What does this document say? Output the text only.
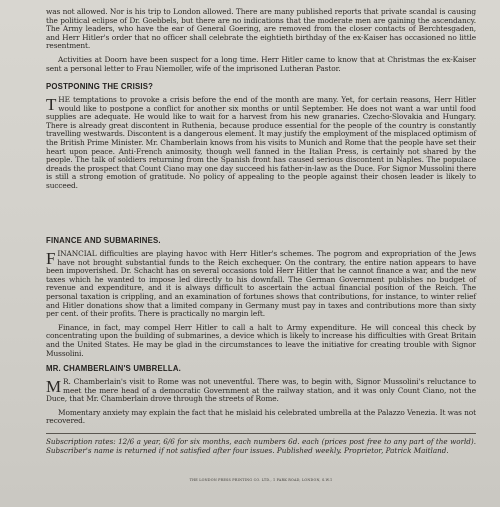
was not allowed. Nor is his trip to London allowed. There are many published reports that private scandal is causing the political eclipse of Dr. Goebbels, but there are no indications that the moderate men are gaining the ascendancy. The Army leaders, who have the ear of General Goering, are removed from the closer contacts of Berchtesgaden, and Herr Hitler's order that no officer shall celebrate the eightieth birthday of the ex-Kaiser has occasioned no little resentment.

Activities at Doorn have been suspect for a long time. Herr Hitler came to know that at Christmas the ex-Kaiser sent a personal letter to Frau Niemoller, wife of the imprisoned Lutheran Pastor.

POSTPONING THE CRISIS?

THE temptations to provoke a crisis before the end of the month are many. Yet, for certain reasons, Herr Hitler would like to postpone a conflict for another six months or until September. He does not want a war until food supplies are adequate. He would like to wait for a harvest from his new granaries. Czecho-Slovakia and Hungary. There is already great discontent in Ruthenia, because produce essential for the people of the country is constantly travelling westwards. Discontent is a dangerous element. It may justify the employment of the misplaced optimism of the British Prime Minister. Mr. Chamberlain knows from his visits to Munich and Rome that the people have set their heart upon peace. Anti-French animosity, though well fanned in the Italian Press, is certainly not shared by the people. The talk of soldiers returning from the Spanish front has caused serious discontent in Naples. The populace dreads the prospect that Count Ciano may one day succeed his father-in-law as the Duce. For Signor Mussolini there is still a strong emotion of gratitude. No policy of appealing to the people against their chosen leader is likely to succeed.

FINANCE AND SUBMARINES.

FINANCIAL difficulties are playing havoc with Herr Hitler's schemes. The pogrom and expropriation of the Jews have not brought substantial funds to the Reich exchequer. On the contrary, the entire nation appears to have been impoverished. Dr. Schacht has on several occasions told Herr Hitler that he cannot finance a war, and the new taxes which he wanted to impose led directly to his downfall. The German Government publishes no budget of revenue and expenditure, and it is always difficult to ascertain the actual financial position of the Reich. The personal taxation is crippling, and an examination of fortunes shows that contributions, for instance, to winter relief and Hitler donations show that a limited company in Germany must pay in taxes and contributions more than sixty per cent. of their profits. There is practically no margin left.

Finance, in fact, may compel Herr Hitler to call a halt to Army expenditure. He will conceal this check by concentrating upon the building of submarines, a device which is likely to increase his difficulties with Great Britain and the United States. He may be glad in the circumstances to leave the initiative for creating trouble with Signor Mussolini.

MR. CHAMBERLAIN'S UMBRELLA.

M R. Chamberlain's visit to Rome was not uneventful. There was, to begin with, Signor Mussolini's reluctance to meet the mere head of a democratic Government at the railway station, and it was only Count Ciano, not the Duce, that Mr. Chamberlain drove through the streets of Rome.

Momentary anxiety may explain the fact that he mislaid his celebrated umbrella at the Palazzo Venezia. It was not recovered.

Subscription rates: 12/6 a year, 6/6 for six months, each numbers 6d. each (prices post free to any part of the world). Subscriber's name is returned if not satisfied after four issues. Published weekly. Proprietor, Patrick Maitland.
THE LONDON PRESS PRINTING CO. LTD., 1 PARK ROAD, LONDON, S.W.1
